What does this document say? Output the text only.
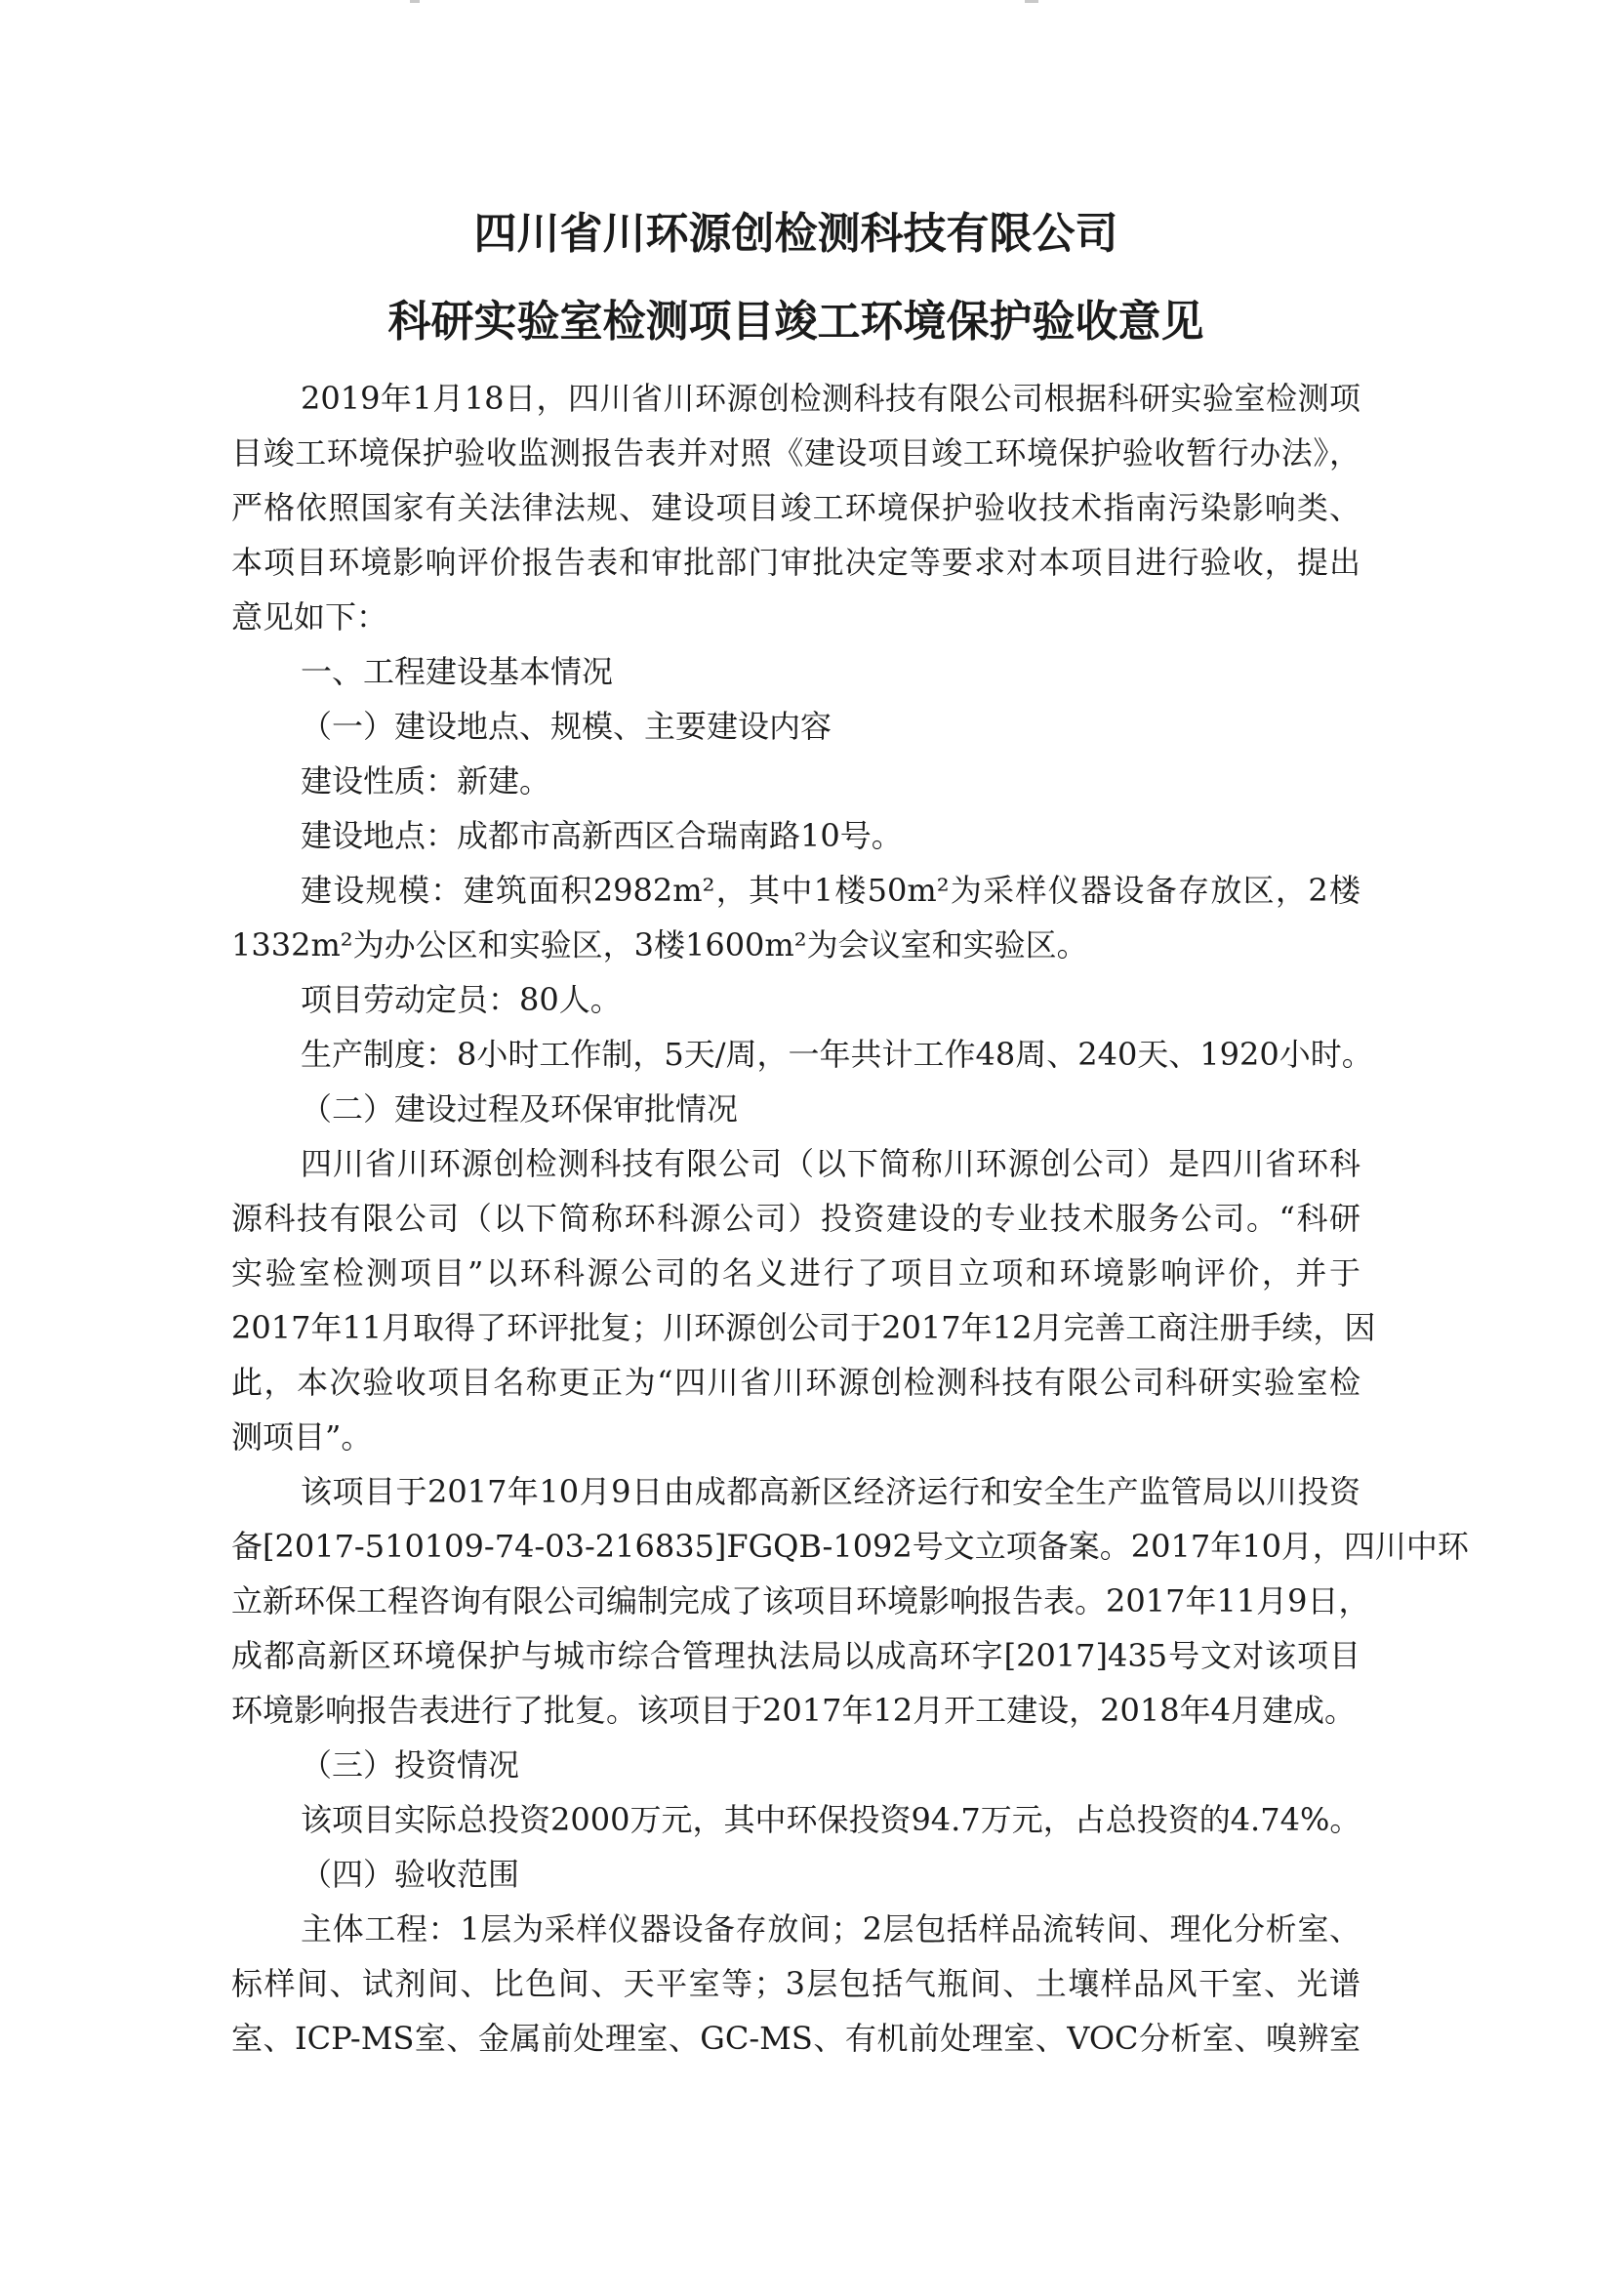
四川省川环源创检测科技有限公司
科研实验室检测项目竣工环境保护验收意见
2019年1月18日，四川省川环源创检测科技有限公司根据科研实验室检测项
目竣工环境保护验收监测报告表并对照《建设项目竣工环境保护验收暂行办法》，
严格依照国家有关法律法规、建设项目竣工环境保护验收技术指南污染影响类、
本项目环境影响评价报告表和审批部门审批决定等要求对本项目进行验收，提出
意见如下：
一、工程建设基本情况
（一）建设地点、规模、主要建设内容
建设性质：新建。
建设地点：成都市高新西区合瑞南路10号。
建设规模：建筑面积2982m²，其中1楼50m²为采样仪器设备存放区，2楼
1332m²为办公区和实验区，3楼1600m²为会议室和实验区。
项目劳动定员：80人。
生产制度：8小时工作制，5天/周，一年共计工作48周、240天、1920小时。
（二）建设过程及环保审批情况
四川省川环源创检测科技有限公司（以下简称川环源创公司）是四川省环科
源科技有限公司（以下简称环科源公司）投资建设的专业技术服务公司。“科研
实验室检测项目”以环科源公司的名义进行了项目立项和环境影响评价，并于
2017年11月取得了环评批复；川环源创公司于2017年12月完善工商注册手续，因
此，本次验收项目名称更正为“四川省川环源创检测科技有限公司科研实验室检
测项目”。
该项目于2017年10月9日由成都高新区经济运行和安全生产监管局以川投资
备[2017-510109-74-03-216835]FGQB-1092号文立项备案。2017年10月，四川中环
立新环保工程咨询有限公司编制完成了该项目环境影响报告表。2017年11月9日，
成都高新区环境保护与城市综合管理执法局以成高环字[2017]435号文对该项目
环境影响报告表进行了批复。该项目于2017年12月开工建设，2018年4月建成。
（三）投资情况
该项目实际总投资2000万元，其中环保投资94.7万元，占总投资的4.74%。
（四）验收范围
主体工程：1层为采样仪器设备存放间；2层包括样品流转间、理化分析室、
标样间、试剂间、比色间、天平室等；3层包括气瓶间、土壤样品风干室、光谱
室、ICP-MS室、金属前处理室、GC-MS、有机前处理室、VOC分析室、嗅辨室
